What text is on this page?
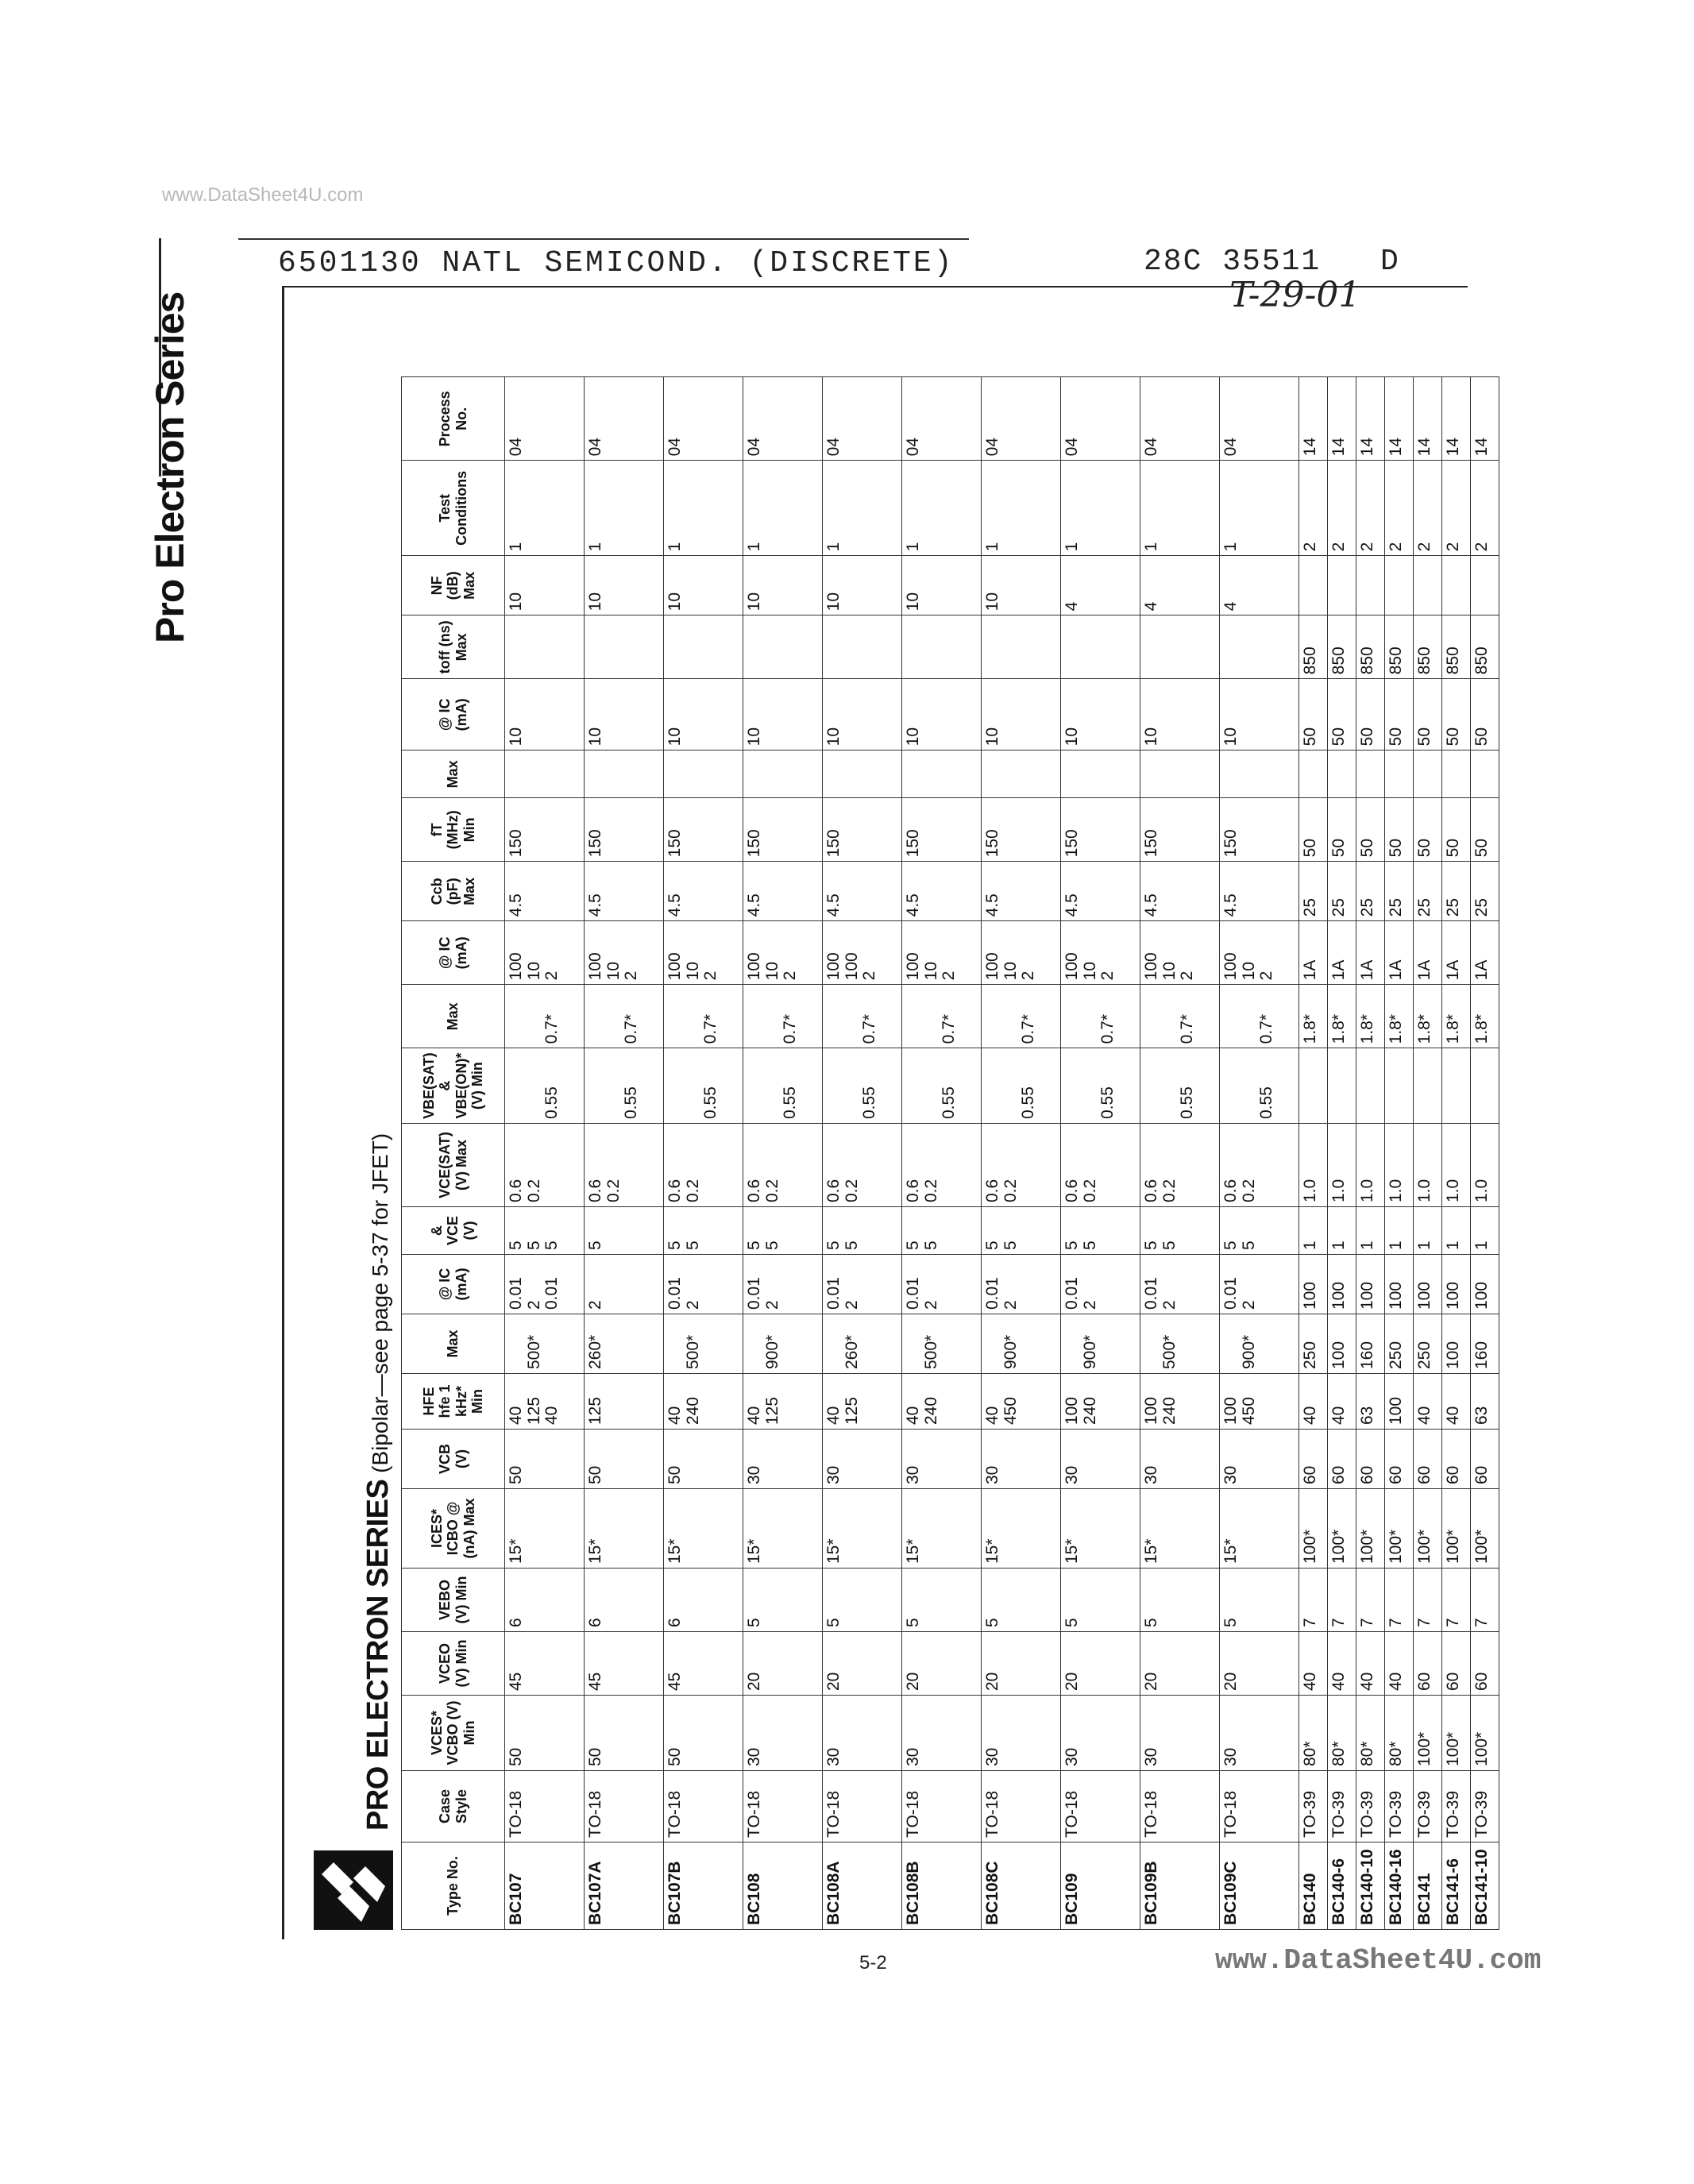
www.DataSheet4U.com
6501130 NATL SEMICOND. (DISCRETE)	28C 35511 D
T-29-01
Pro Electron Series
PRO ELECTRON SERIES (Bipolar—see page 5-37 for JFET)
Type No.	Case Style	VCES* VCBO (V) Min	VCEO (V) Min	VEBO (V) Min	ICES* ICBO @ (nA) Max	VCB (V)	HFE hfe 1 kHz* Min	Max	@ IC (mA)	& VCE (V)	VCE(SAT) (V) Max	VBE(SAT) & VBE(ON)* (V) Min	Max	@ IC (mA)	Ccb (pF) Max	fT (MHz) Min	Max	@ IC (mA)	toff (ns) Max	NF (dB) Max	Test Conditions	Process No.
BC107	TO-18	50	45	6	15*	50	40 125 40	500*	0.01 2 0.01	5 5 5	0.6 0.2	0.55	0.7*	100 10 2	4.5	150		10		10	1	04
BC107A	TO-18	50	45	6	15*	50	125	260*	2	5	0.6 0.2	0.55	0.7*	100 10 2	4.5	150		10		10	1	04
BC107B	TO-18	50	45	6	15*	50	40 240	500*	0.01 2	5 5	0.6 0.2	0.55	0.7*	100 10 2	4.5	150		10		10	1	04
BC108	TO-18	30	20	5	15*	30	40 125	900*	0.01 2	5 5	0.6 0.2	0.55	0.7*	100 10 2	4.5	150		10		10	1	04
BC108A	TO-18	30	20	5	15*	30	40 125	260*	0.01 2	5 5	0.6 0.2	0.55	0.7*	100 100 2	4.5	150		10		10	1	04
BC108B	TO-18	30	20	5	15*	30	40 240	500*	0.01 2	5 5	0.6 0.2	0.55	0.7*	100 10 2	4.5	150		10		10	1	04
BC108C	TO-18	30	20	5	15*	30	40 450	900*	0.01 2	5 5	0.6 0.2	0.55	0.7*	100 10 2	4.5	150		10		10	1	04
BC109	TO-18	30	20	5	15*	30	100 240	900*	0.01 2	5 5	0.6 0.2	0.55	0.7*	100 10 2	4.5	150		10		4	1	04
BC109B	TO-18	30	20	5	15*	30	100 240	500*	0.01 2	5 5	0.6 0.2	0.55	0.7*	100 10 2	4.5	150		10		4	1	04
BC109C	TO-18	30	20	5	15*	30	100 450	900*	0.01 2	5 5	0.6 0.2	0.55	0.7*	100 10 2	4.5	150		10		4	1	04
BC140	TO-39	80*	40	7	100*	60	40	250	100	1	1.0		1.8*	1A	25	50		50	850		2	14
BC140-6	TO-39	80*	40	7	100*	60	40	100	100	1	1.0		1.8*	1A	25	50		50	850		2	14
BC140-10	TO-39	80*	40	7	100*	60	63	160	100	1	1.0		1.8*	1A	25	50		50	850		2	14
BC140-16	TO-39	80*	40	7	100*	60	100	250	100	1	1.0		1.8*	1A	25	50		50	850		2	14
BC141	TO-39	100*	60	7	100*	60	40	250	100	1	1.0		1.8*	1A	25	50		50	850		2	14
BC141-6	TO-39	100*	60	7	100*	60	40	100	100	1	1.0		1.8*	1A	25	50		50	850		2	14
BC141-10	TO-39	100*	60	7	100*	60	63	160	100	1	1.0		1.8*	1A	25	50		50	850		2	14
5-2	www.DataSheet4U.com
